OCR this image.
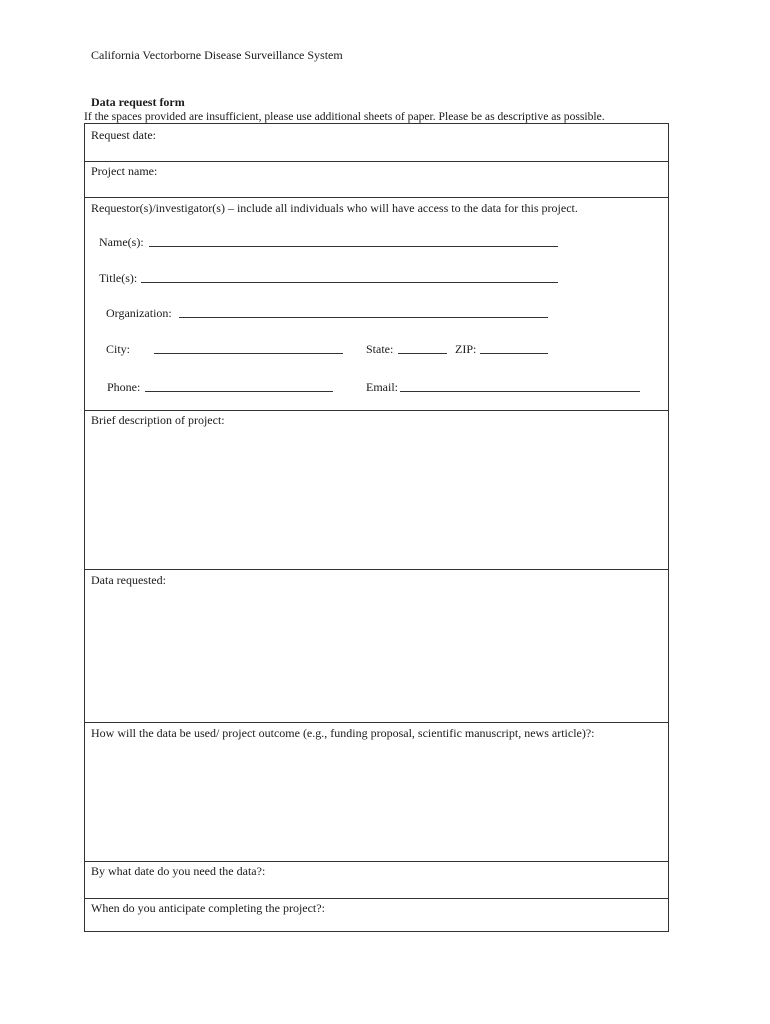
California Vectorborne Disease Surveillance System
Data request form
If the spaces provided are insufficient, please use additional sheets of paper. Please be as descriptive as possible.
Request date:
Project name:
Requestor(s)/investigator(s) – include all individuals who will have access to the data for this project.
Name(s):
Title(s):
Organization:
City:	State:	ZIP:
Phone:	Email:
Brief description of project:
Data requested:
How will the data be used/ project outcome (e.g., funding proposal, scientific manuscript, news article)?:
By what date do you need the data?:
When do you anticipate completing the project?:
